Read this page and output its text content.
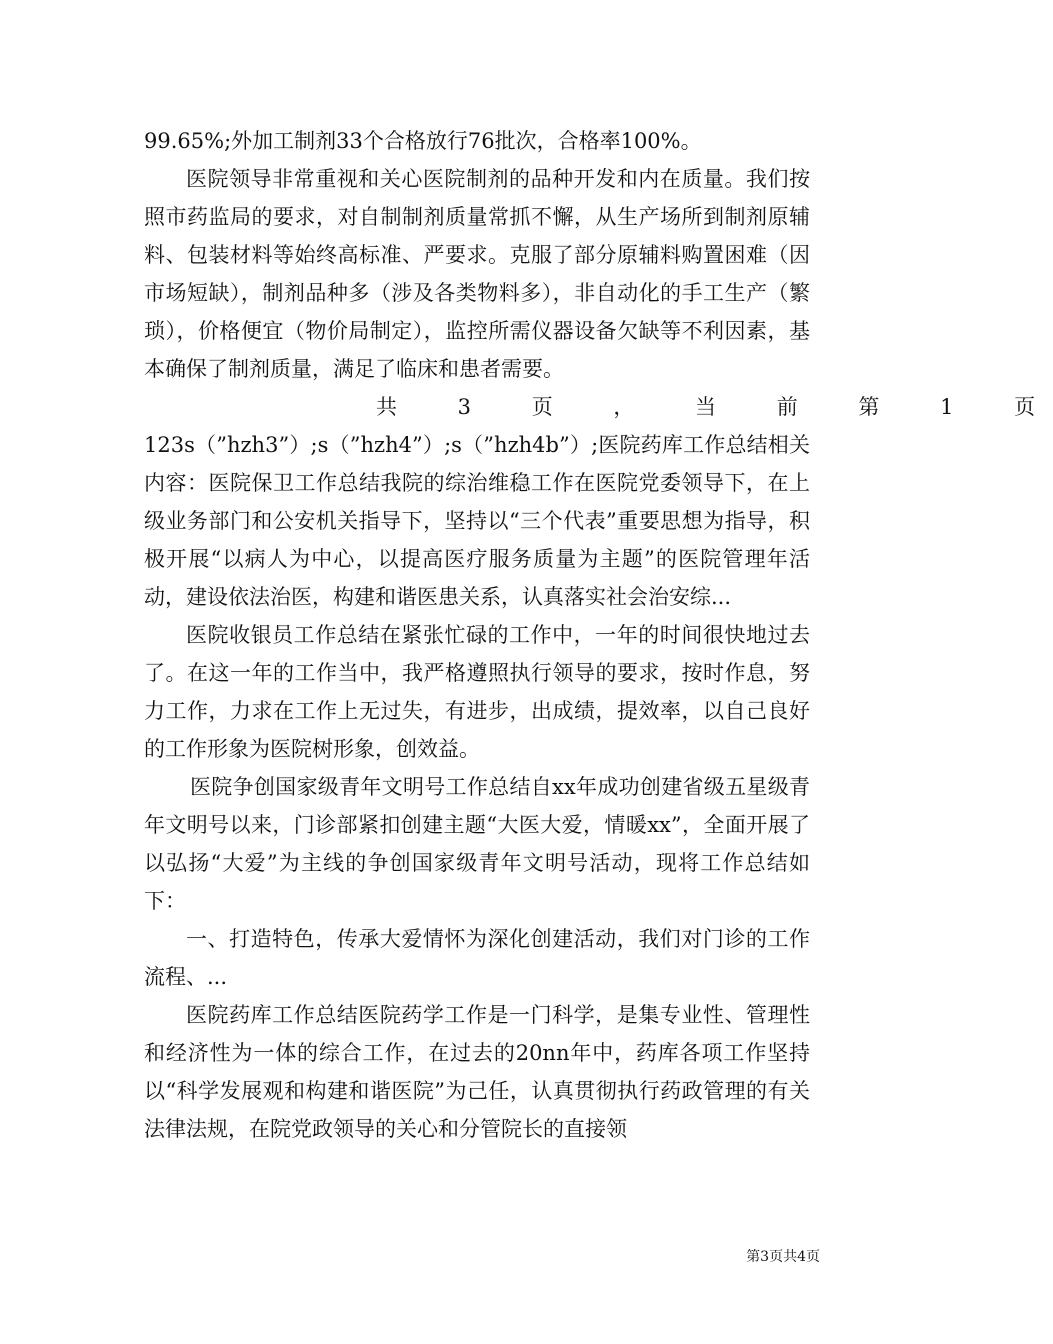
99.65%;外加工制剂33个合格放行76批次，合格率100%。

医院领导非常重视和关心医院制剂的品种开发和内在质量。我们按照市药监局的要求，对自制制剂质量常抓不懈，从生产场所到制剂原辅料、包装材料等始终高标准、严要求。克服了部分原辅料购置困难（因市场短缺），制剂品种多（涉及各类物料多），非自动化的手工生产（繁琐），价格便宜（物价局制定），监控所需仪器设备欠缺等不利因素，基本确保了制剂质量，满足了临床和患者需要。

共 3 页 ， 当 前 第 1 页

123s（”hzh3”）;s（”hzh4”）;s（”hzh4b”）;医院药库工作总结相关内容：医院保卫工作总结我院的综治维稳工作在医院党委领导下，在上级业务部门和公安机关指导下，坚持以“三个代表”重要思想为指导，积极开展“以病人为中心，以提高医疗服务质量为主题”的医院管理年活动，建设依法治医，构建和谐医患关系，认真落实社会治安综...

医院收银员工作总结在紧张忙碌的工作中，一年的时间很快地过去了。在这一年的工作当中，我严格遵照执行领导的要求，按时作息，努力工作，力求在工作上无过失，有进步，出成绩，提效率，以自己良好的工作形象为医院树形象，创效益。

医院争创国家级青年文明号工作总结自xx年成功创建省级五星级青年文明号以来，门诊部紧扣创建主题“大医大爱，情暖xx”，全面开展了以弘扬“大爱”为主线的争创国家级青年文明号活动，现将工作总结如下：

一、打造特色，传承大爱情怀为深化创建活动，我们对门诊的工作流程、...

医院药库工作总结医院药学工作是一门科学，是集专业性、管理性和经济性为一体的综合工作，在过去的20nn年中，药库各项工作坚持以“科学发展观和构建和谐医院”为己任，认真贯彻执行药政管理的有关法律法规，在院党政领导的关心和分管院长的直接领

第3页共4页
